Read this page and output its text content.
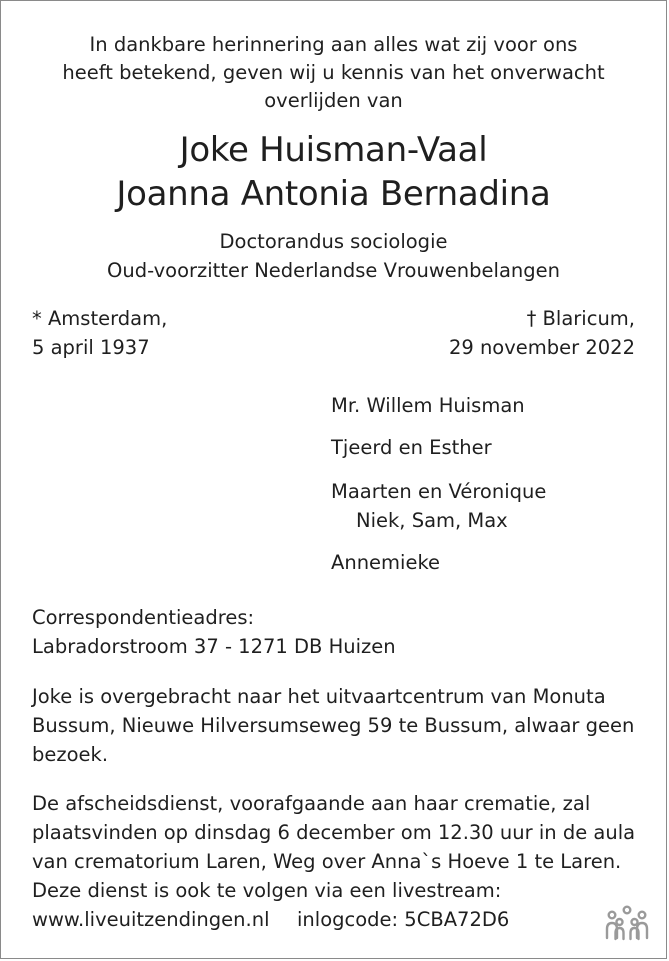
In dankbare herinnering aan alles wat zij voor ons
heeft betekend, geven wij u kennis van het onverwacht
overlijden van
Joke Huisman-Vaal
Joanna Antonia Bernadina
Doctorandus sociologie
Oud-voorzitter Nederlandse Vrouwenbelangen
* Amsterdam,
5 april 1937
† Blaricum,
29 november 2022
Mr. Willem Huisman
Tjeerd en Esther
Maarten en Véronique
Niek, Sam, Max
Annemieke
Correspondentieadres:
Labradorstroom 37 - 1271 DB Huizen
Joke is overgebracht naar het uitvaartcentrum van Monuta
Bussum, Nieuwe Hilversumseweg 59 te Bussum, alwaar geen
bezoek.
De afscheidsdienst, voorafgaande aan haar crematie, zal
plaatsvinden op dinsdag 6 december om 12.30 uur in de aula
van crematorium Laren, Weg over Anna`s Hoeve 1 te Laren.
Deze dienst is ook te volgen via een livestream:
www.liveuitzendingen.nl inlogcode: 5CBA72D6
